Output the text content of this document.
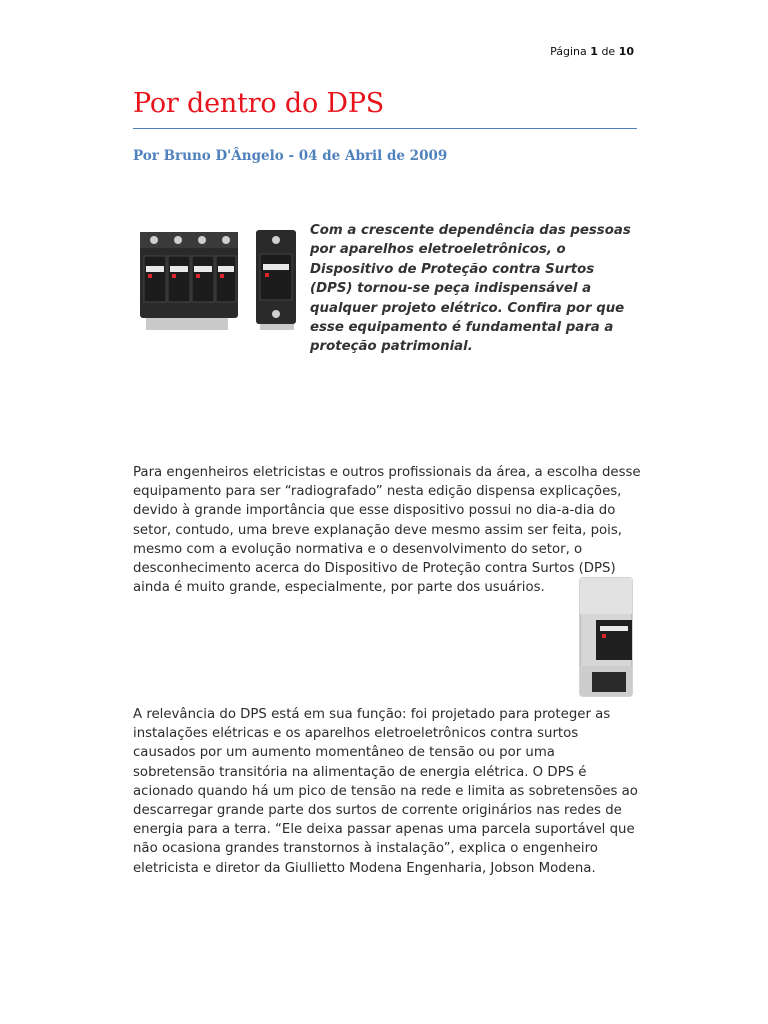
Página 1 de 10
Por dentro do DPS

Por Bruno D'Ângelo - 04 de Abril de 2009

Com a crescente dependência das pessoas por aparelhos eletroeletrônicos, o Dispositivo de Proteção contra Surtos (DPS) tornou-se peça indispensável a qualquer projeto elétrico. Confira por que esse equipamento é fundamental para a proteção patrimonial.

Para engenheiros eletricistas e outros profissionais da área, a escolha desse equipamento para ser “radiografado” nesta edição dispensa explicações, devido à grande importância que esse dispositivo possui no dia-a-dia do setor, contudo, uma breve explanação deve mesmo assim ser feita, pois, mesmo com a evolução normativa e o desenvolvimento do setor, o desconhecimento acerca do Dispositivo de Proteção contra Surtos (DPS) ainda é muito grande, especialmente, por parte dos usuários.

A relevância do DPS está em sua função: foi projetado para proteger as instalações elétricas e os aparelhos eletroeletrônicos contra surtos causados por um aumento momentâneo de tensão ou por uma sobretensão transitória na alimentação de energia elétrica. O DPS é acionado quando há um pico de tensão na rede e limita as sobretensões ao descarregar grande parte dos surtos de corrente originários nas redes de energia para a terra. “Ele deixa passar apenas uma parcela suportável que não ocasiona grandes transtornos à instalação”, explica o engenheiro eletricista e diretor da Giullietto Modena Engenharia, Jobson Modena.
